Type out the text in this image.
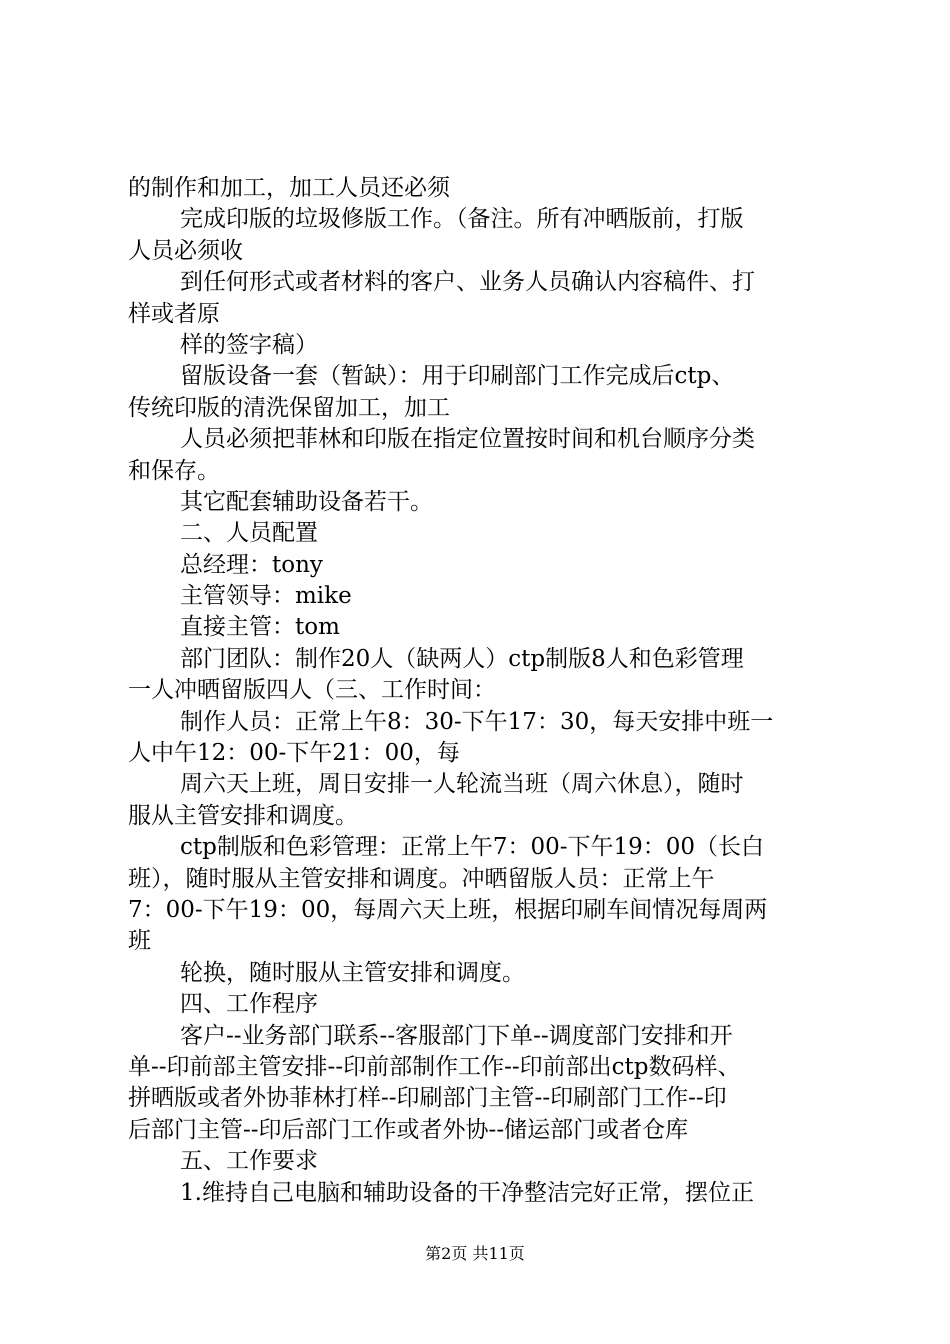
的制作和加工，加工人员还必须
完成印版的垃圾修版工作。（备注。所有冲晒版前，打版
人员必须收
到任何形式或者材料的客户、业务人员确认内容稿件、打
样或者原
样的签字稿）
留版设备一套（暂缺）：用于印刷部门工作完成后ctp、
传统印版的清洗保留加工，加工
人员必须把菲林和印版在指定位置按时间和机台顺序分类
和保存。
其它配套辅助设备若干。
二、人员配置
总经理：tony
主管领导：mike
直接主管：tom
部门团队：制作20人（缺两人）ctp制版8人和色彩管理
一人冲晒留版四人（三、工作时间：
制作人员：正常上午8：30-下午17：30，每天安排中班一
人中午12：00-下午21：00，每
周六天上班，周日安排一人轮流当班（周六休息），随时
服从主管安排和调度。
ctp制版和色彩管理：正常上午7：00-下午19：00（长白
班），随时服从主管安排和调度。冲晒留版人员：正常上午
7：00-下午19：00，每周六天上班，根据印刷车间情况每周两
班
轮换，随时服从主管安排和调度。
四、工作程序
客户--业务部门联系--客服部门下单--调度部门安排和开
单--印前部主管安排--印前部制作工作--印前部出ctp数码样、
拼晒版或者外协菲林打样--印刷部门主管--印刷部门工作--印
后部门主管--印后部门工作或者外协--储运部门或者仓库
五、工作要求
1.维持自己电脑和辅助设备的干净整洁完好正常，摆位正
第2页 共11页
